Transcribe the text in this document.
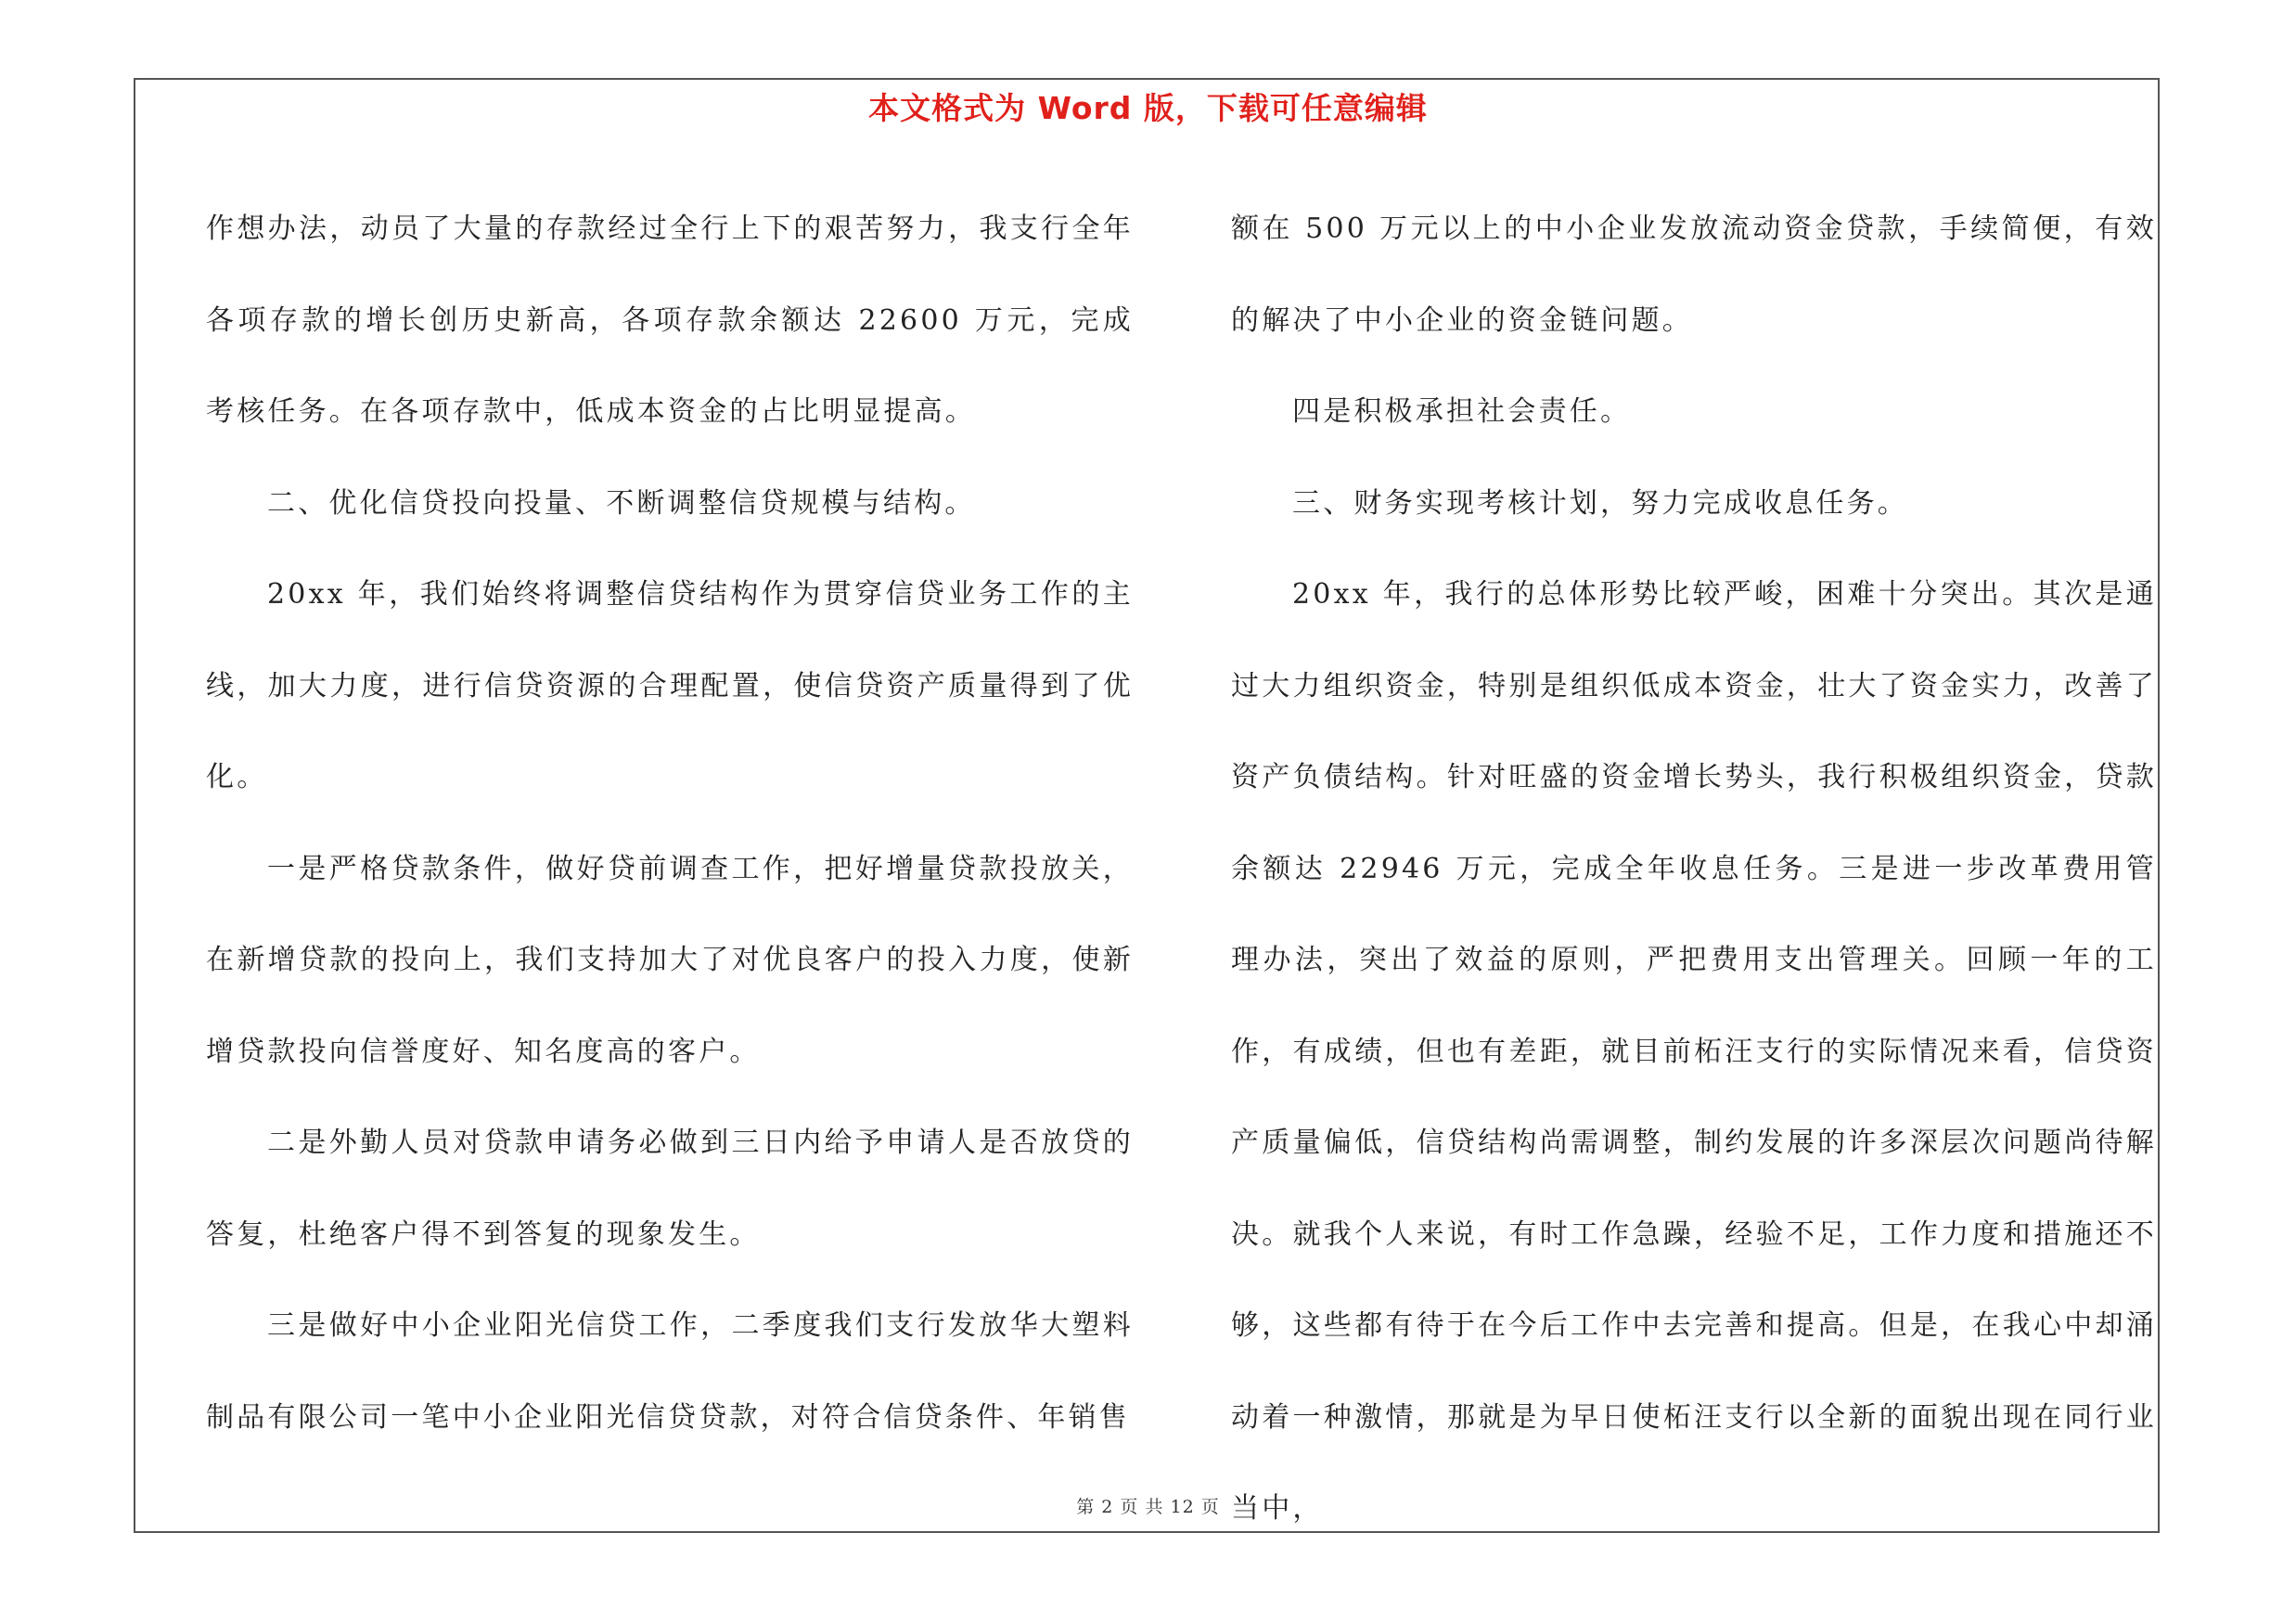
本文格式为 Word 版，下载可任意编辑

作想办法，动员了大量的存款经过全行上下的艰苦努力，我支行全年各项存款的增长创历史新高，各项存款余额达 22600 万元，完成考核任务。在各项存款中，低成本资金的占比明显提高。

二、优化信贷投向投量、不断调整信贷规模与结构。

20xx 年，我们始终将调整信贷结构作为贯穿信贷业务工作的主线，加大力度，进行信贷资源的合理配置，使信贷资产质量得到了优化。

一是严格贷款条件，做好贷前调查工作，把好增量贷款投放关，在新增贷款的投向上，我们支持加大了对优良客户的投入力度，使新增贷款投向信誉度好、知名度高的客户。

二是外勤人员对贷款申请务必做到三日内给予申请人是否放贷的答复，杜绝客户得不到答复的现象发生。

三是做好中小企业阳光信贷工作，二季度我们支行发放华大塑料制品有限公司一笔中小企业阳光信贷贷款，对符合信贷条件、年销售

额在 500 万元以上的中小企业发放流动资金贷款，手续简便，有效的解决了中小企业的资金链问题。

四是积极承担社会责任。

三、财务实现考核计划，努力完成收息任务。

20xx 年，我行的总体形势比较严峻，困难十分突出。其次是通过大力组织资金，特别是组织低成本资金，壮大了资金实力，改善了资产负债结构。针对旺盛的资金增长势头，我行积极组织资金，贷款余额达 22946 万元，完成全年收息任务。三是进一步改革费用管理办法，突出了效益的原则，严把费用支出管理关。回顾一年的工作，有成绩，但也有差距，就目前柘汪支行的实际情况来看，信贷资产质量偏低，信贷结构尚需调整，制约发展的许多深层次问题尚待解决。就我个人来说，有时工作急躁，经验不足，工作力度和措施还不够，这些都有待于在今后工作中去完善和提高。但是，在我心中却涌动着一种激情，那就是为早日使柘汪支行以全新的面貌出现在同行业当中，

第 2 页 共 12 页
